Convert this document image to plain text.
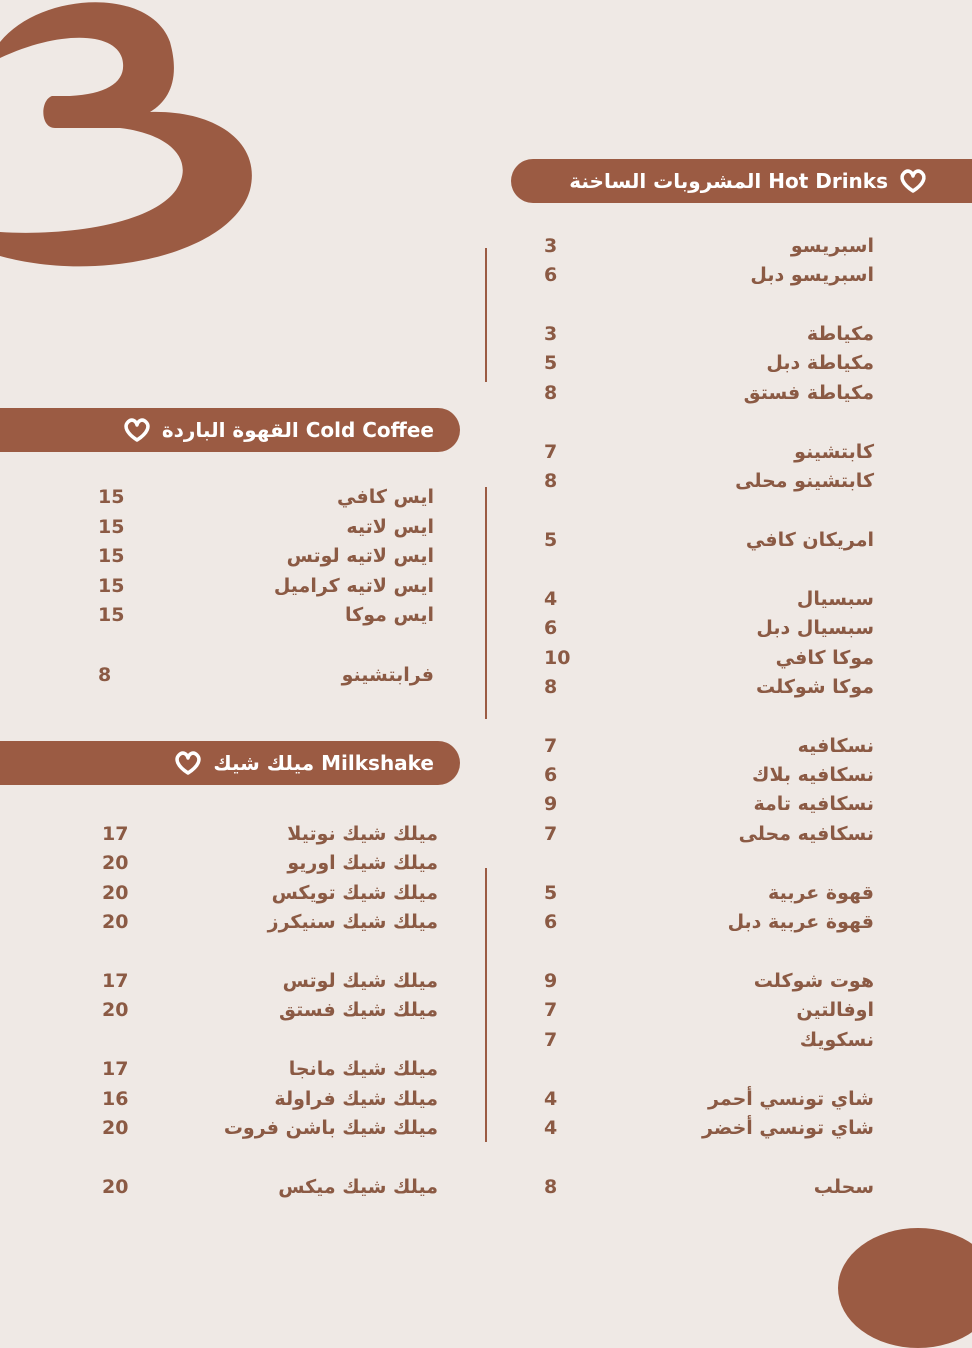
المشروبات الساخنة Hot Drinks
القهوة الباردة Cold Coffee
ميلك شيك Milkshake
3	اسبريسو
6	اسبريسو دبل
3	مكياطة
5	مكياطة دبل
8	مكياطة فستق
7	كابتشينو
8	كابتشينو محلى
5	امريكان كافي
4	سبسيال
6	سبسيال دبل
10	موكا كافي
8	موكا شوكلت
7	نسكافيه
6	نسكافيه بلاك
9	نسكافيه تامة
7	نسكافيه محلى
5	قهوة عربية
6	قهوة عربية دبل
9	هوت شوكلت
7	اوفالتين
7	نسكويك
4	شاي تونسي أحمر
4	شاي تونسي أخضر
8	سحلب
15	ايس كافي
15	ايس لاتيه
15	ايس لاتيه لوتس
15	ايس لاتيه كراميل
15	ايس موكا
8	فرابتشينو
17	ميلك شيك نوتيلا
20	ميلك شيك اوريو
20	ميلك شيك تويكس
20	ميلك شيك سنيكرز
17	ميلك شيك لوتس
20	ميلك شيك فستق
17	ميلك شيك مانجا
16	ميلك شيك فراولة
20	ميلك شيك باشن فروت
20	ميلك شيك ميكس
